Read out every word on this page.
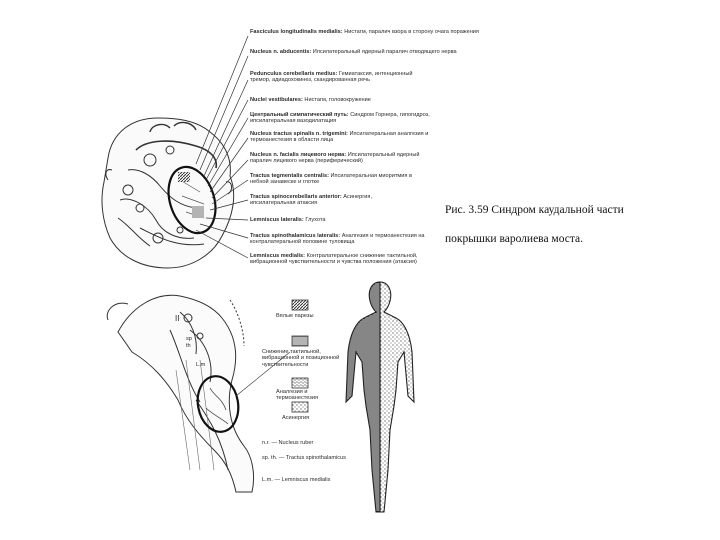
Fasciculus longitudinalis medialis: Нистагм, паралич взора в сторону очага поражения
Nucleus n. abducentis: Ипсилатеральный ядерный паралич отводящего нерва
Pedunculus cerebellaris medius: Гемиатаксия, интенционный тремор, адиадохокинез, скандированная речь
Nuclei vestibulares: Нистагм, головокружение
Центральный симпатический путь: Синдром Горнера, гипогидроз, ипсилатеральная вазодилатация
Nucleus tractus spinalis n. trigemini: Ипсилатеральная аналгезия и термоанестезия в области лица
Nucleus n. facialis лицевого нерва: Ипсилатеральный ядерный паралич лицевого нерва (периферический)
Tractus tegmentalis centralis: Ипсилатеральная миоритмия в небной занавеске и глотке
Tractus spinocerebellaris anterior: Асинергия, ипсилатеральная атаксия
Lemniscus lateralis: Глухота
Tractus spinothalamicus lateralis: Аналгезия и термоанестезия на контралатеральной половине туловища
Lemniscus medialis: Контралатеральное снижение тактильной, вибрационной чувствительности и чувства положения (атаксия)
II
sp
th
L.m
Вялые парезы
Снижение тактильной, вибрационной и позиционной чувствительности
Аналгезия и термоанестезия
Асинергия
n.r. — Nucleus ruber
sp. th. — Tractus spinothalamicus
L.m. — Lemniscus medialis
Рис. 3.59 Синдром каудальной части
покрышки варолиева моста.
